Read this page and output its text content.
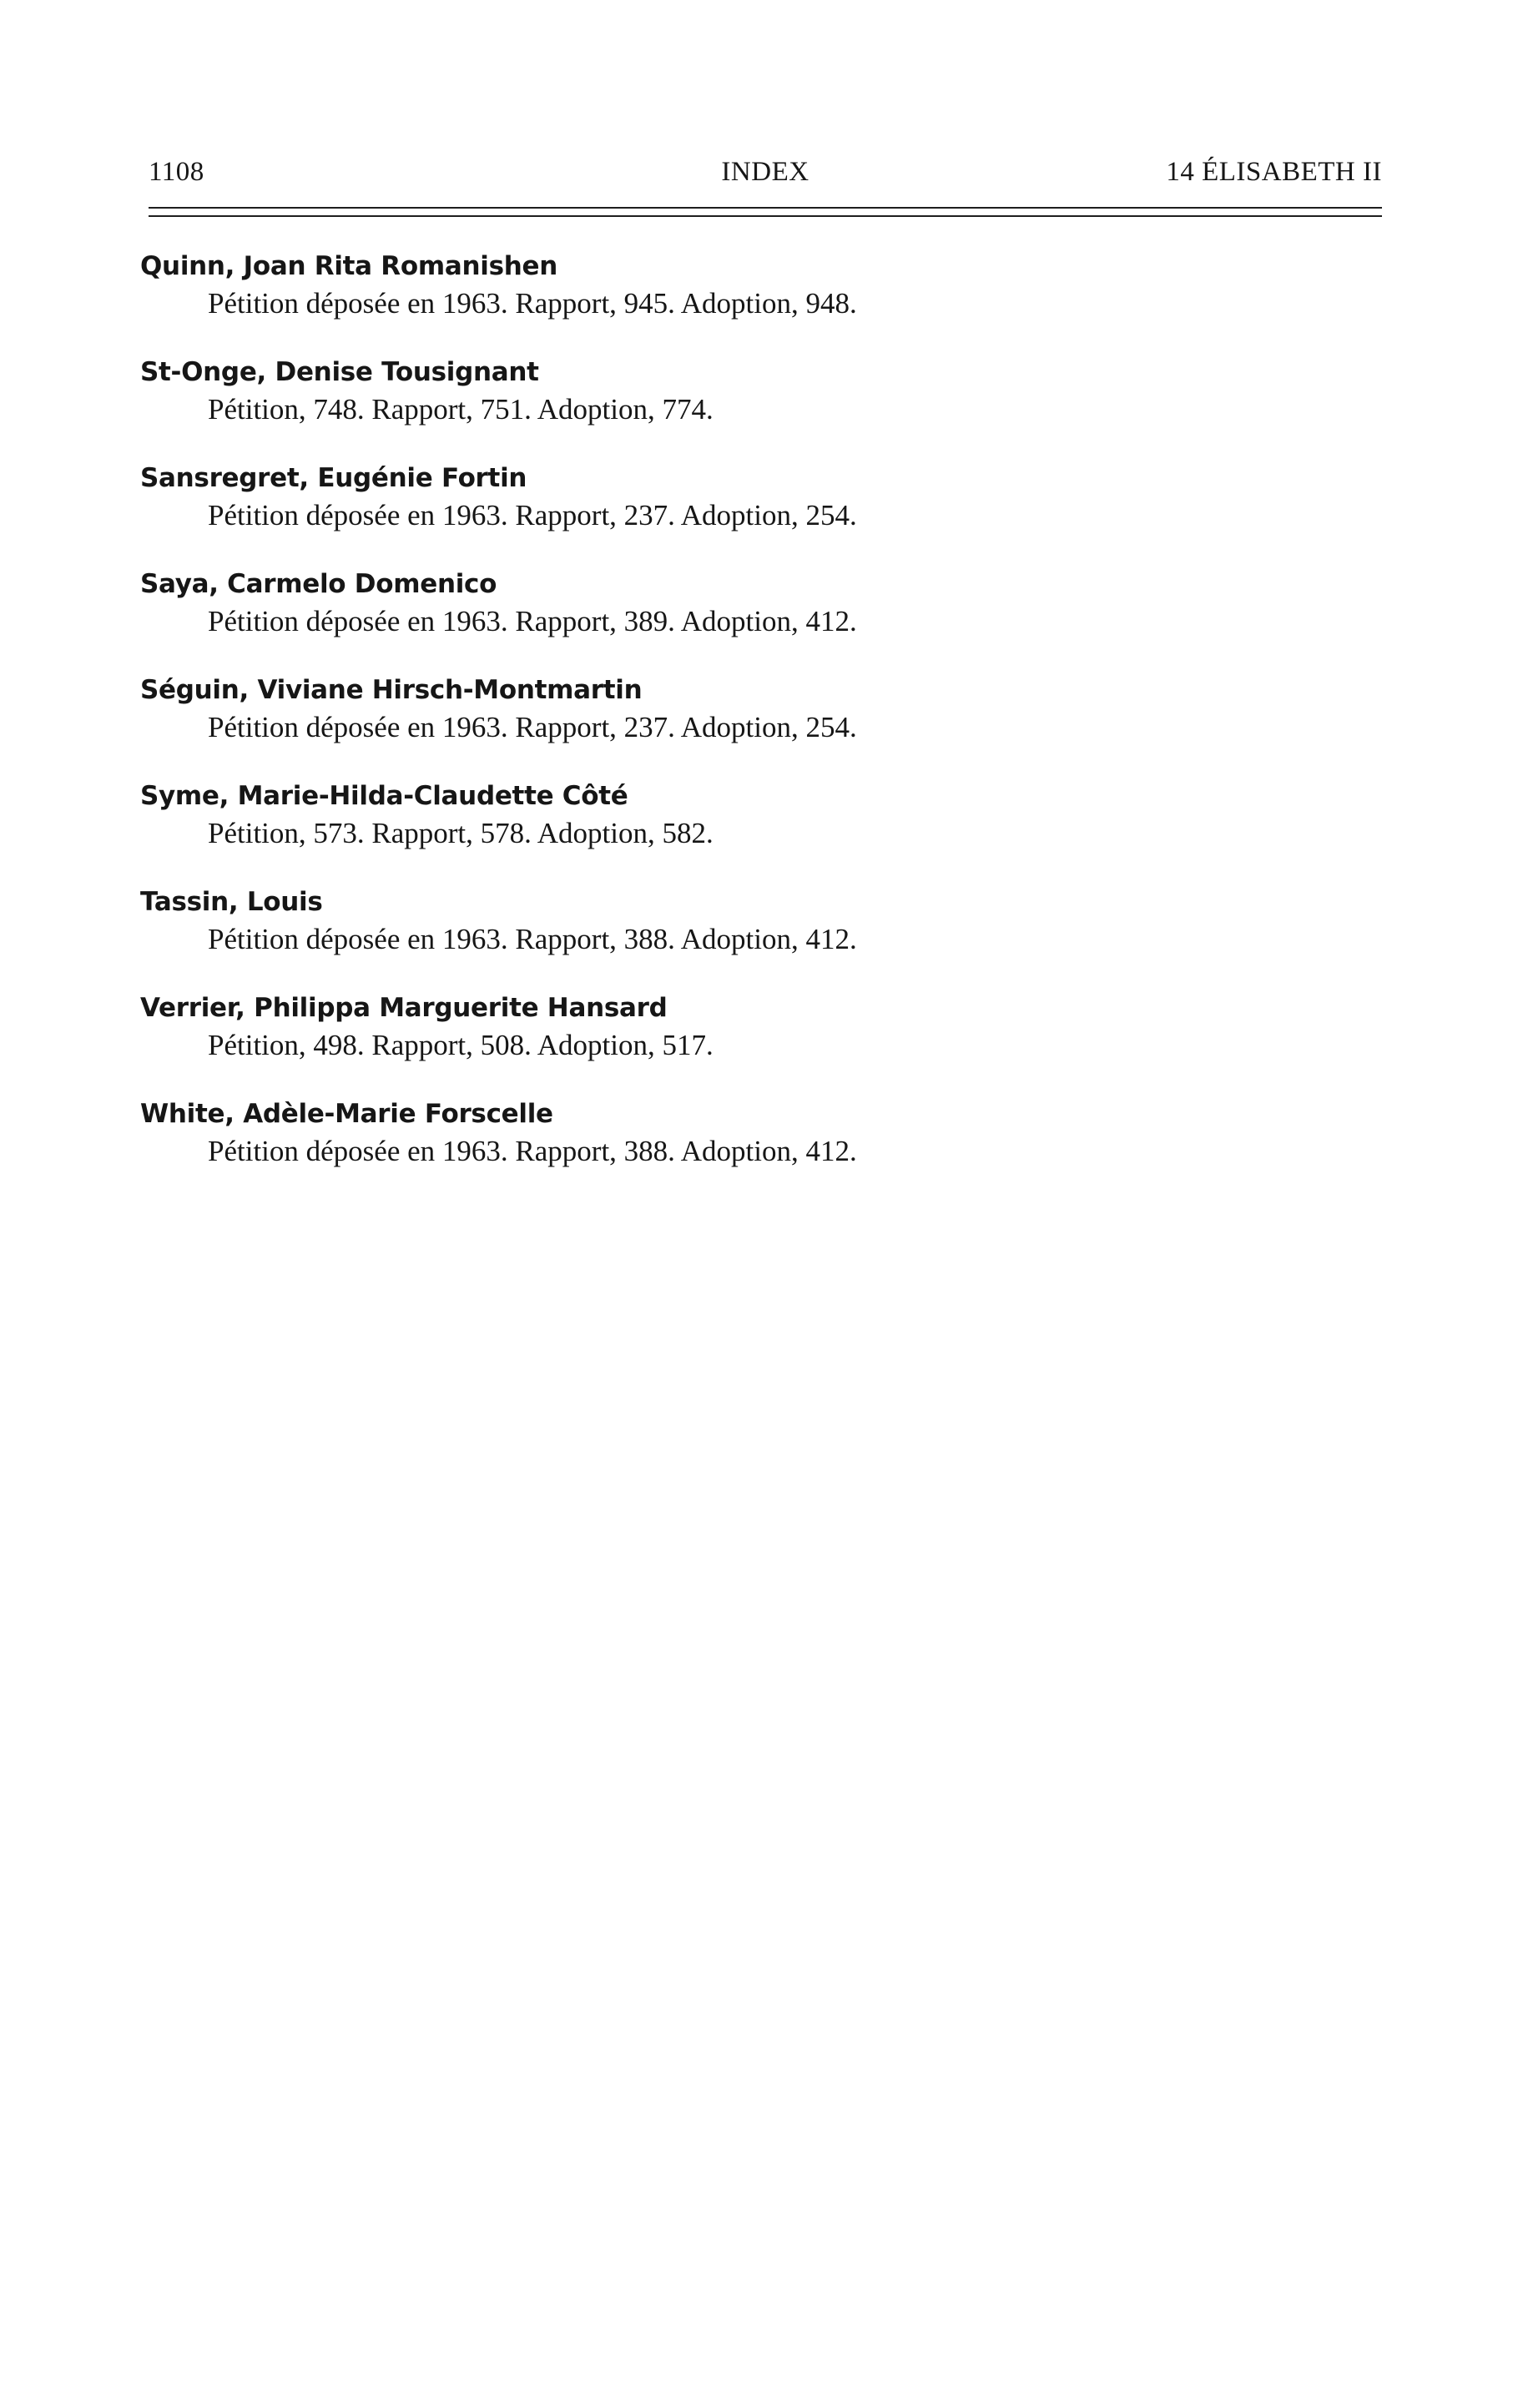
1108	INDEX	14 ÉLISABETH II
Quinn, Joan Rita Romanishen
Pétition déposée en 1963. Rapport, 945. Adoption, 948.
St-Onge, Denise Tousignant
Pétition, 748. Rapport, 751. Adoption, 774.
Sansregret, Eugénie Fortin
Pétition déposée en 1963. Rapport, 237. Adoption, 254.
Saya, Carmelo Domenico
Pétition déposée en 1963. Rapport, 389. Adoption, 412.
Séguin, Viviane Hirsch-Montmartin
Pétition déposée en 1963. Rapport, 237. Adoption, 254.
Syme, Marie-Hilda-Claudette Côté
Pétition, 573. Rapport, 578. Adoption, 582.
Tassin, Louis
Pétition déposée en 1963. Rapport, 388. Adoption, 412.
Verrier, Philippa Marguerite Hansard
Pétition, 498. Rapport, 508. Adoption, 517.
White, Adèle-Marie Forscelle
Pétition déposée en 1963. Rapport, 388. Adoption, 412.
